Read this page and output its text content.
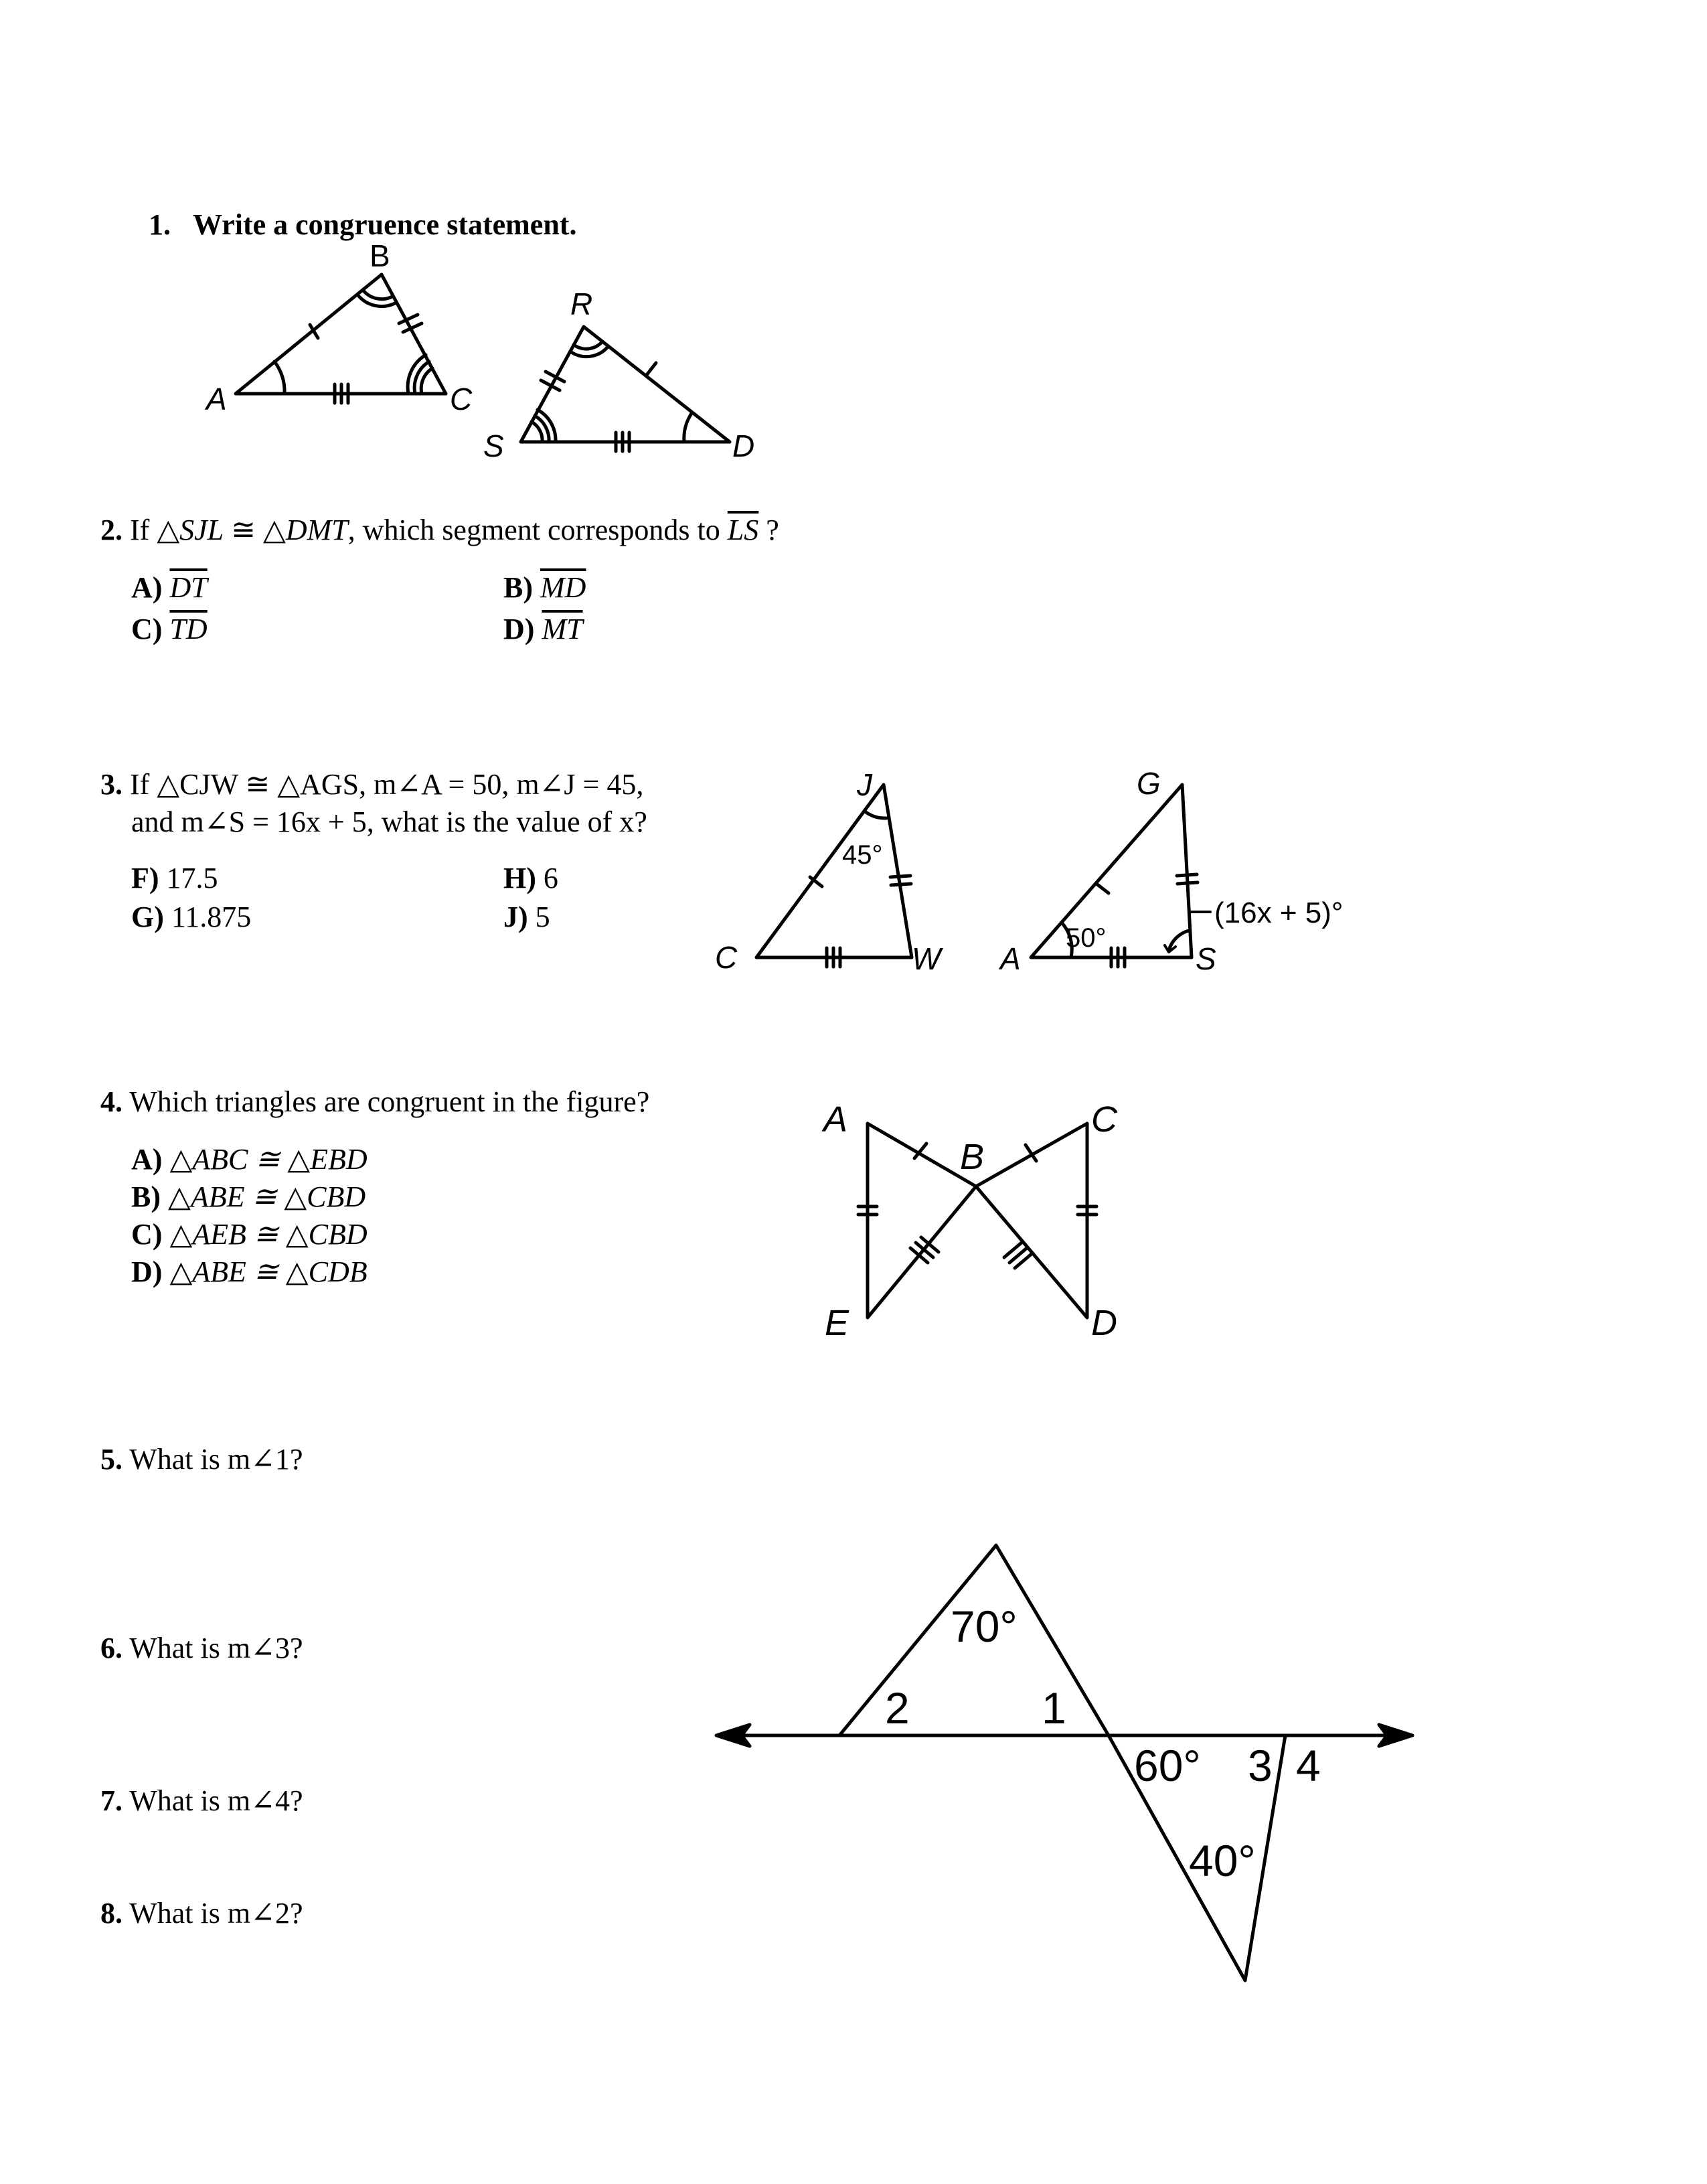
1. Write a congruence statement.
2. If △SJL ≅ △DMT, which segment corresponds to $\overline{LS}$ ?
A) $\overline{DT}$	B) $\overline{MD}$
C) $\overline{TD}$	D) $\overline{MT}$
3. If △CJW ≅ △AGS, m∠A = 50, m∠J = 45,
and m∠S = 16x + 5, what is the value of x?
F) 17.5	H) 6
G) 11.875	J) 5
4. Which triangles are congruent in the figure?
A) △ABC ≅ △EBD
B) △ABE ≅ △CBD
C) △AEB ≅ △CBD
D) △ABE ≅ △CDB
5. What is m∠1?
6. What is m∠3?
7. What is m∠4?
8. What is m∠2?
B
A	C
R
S	D
J
C	W
G
A	S
45°
50°
(16x + 5)°
A
B
C
E	D
70°
2	1
60° 3 4
40°
